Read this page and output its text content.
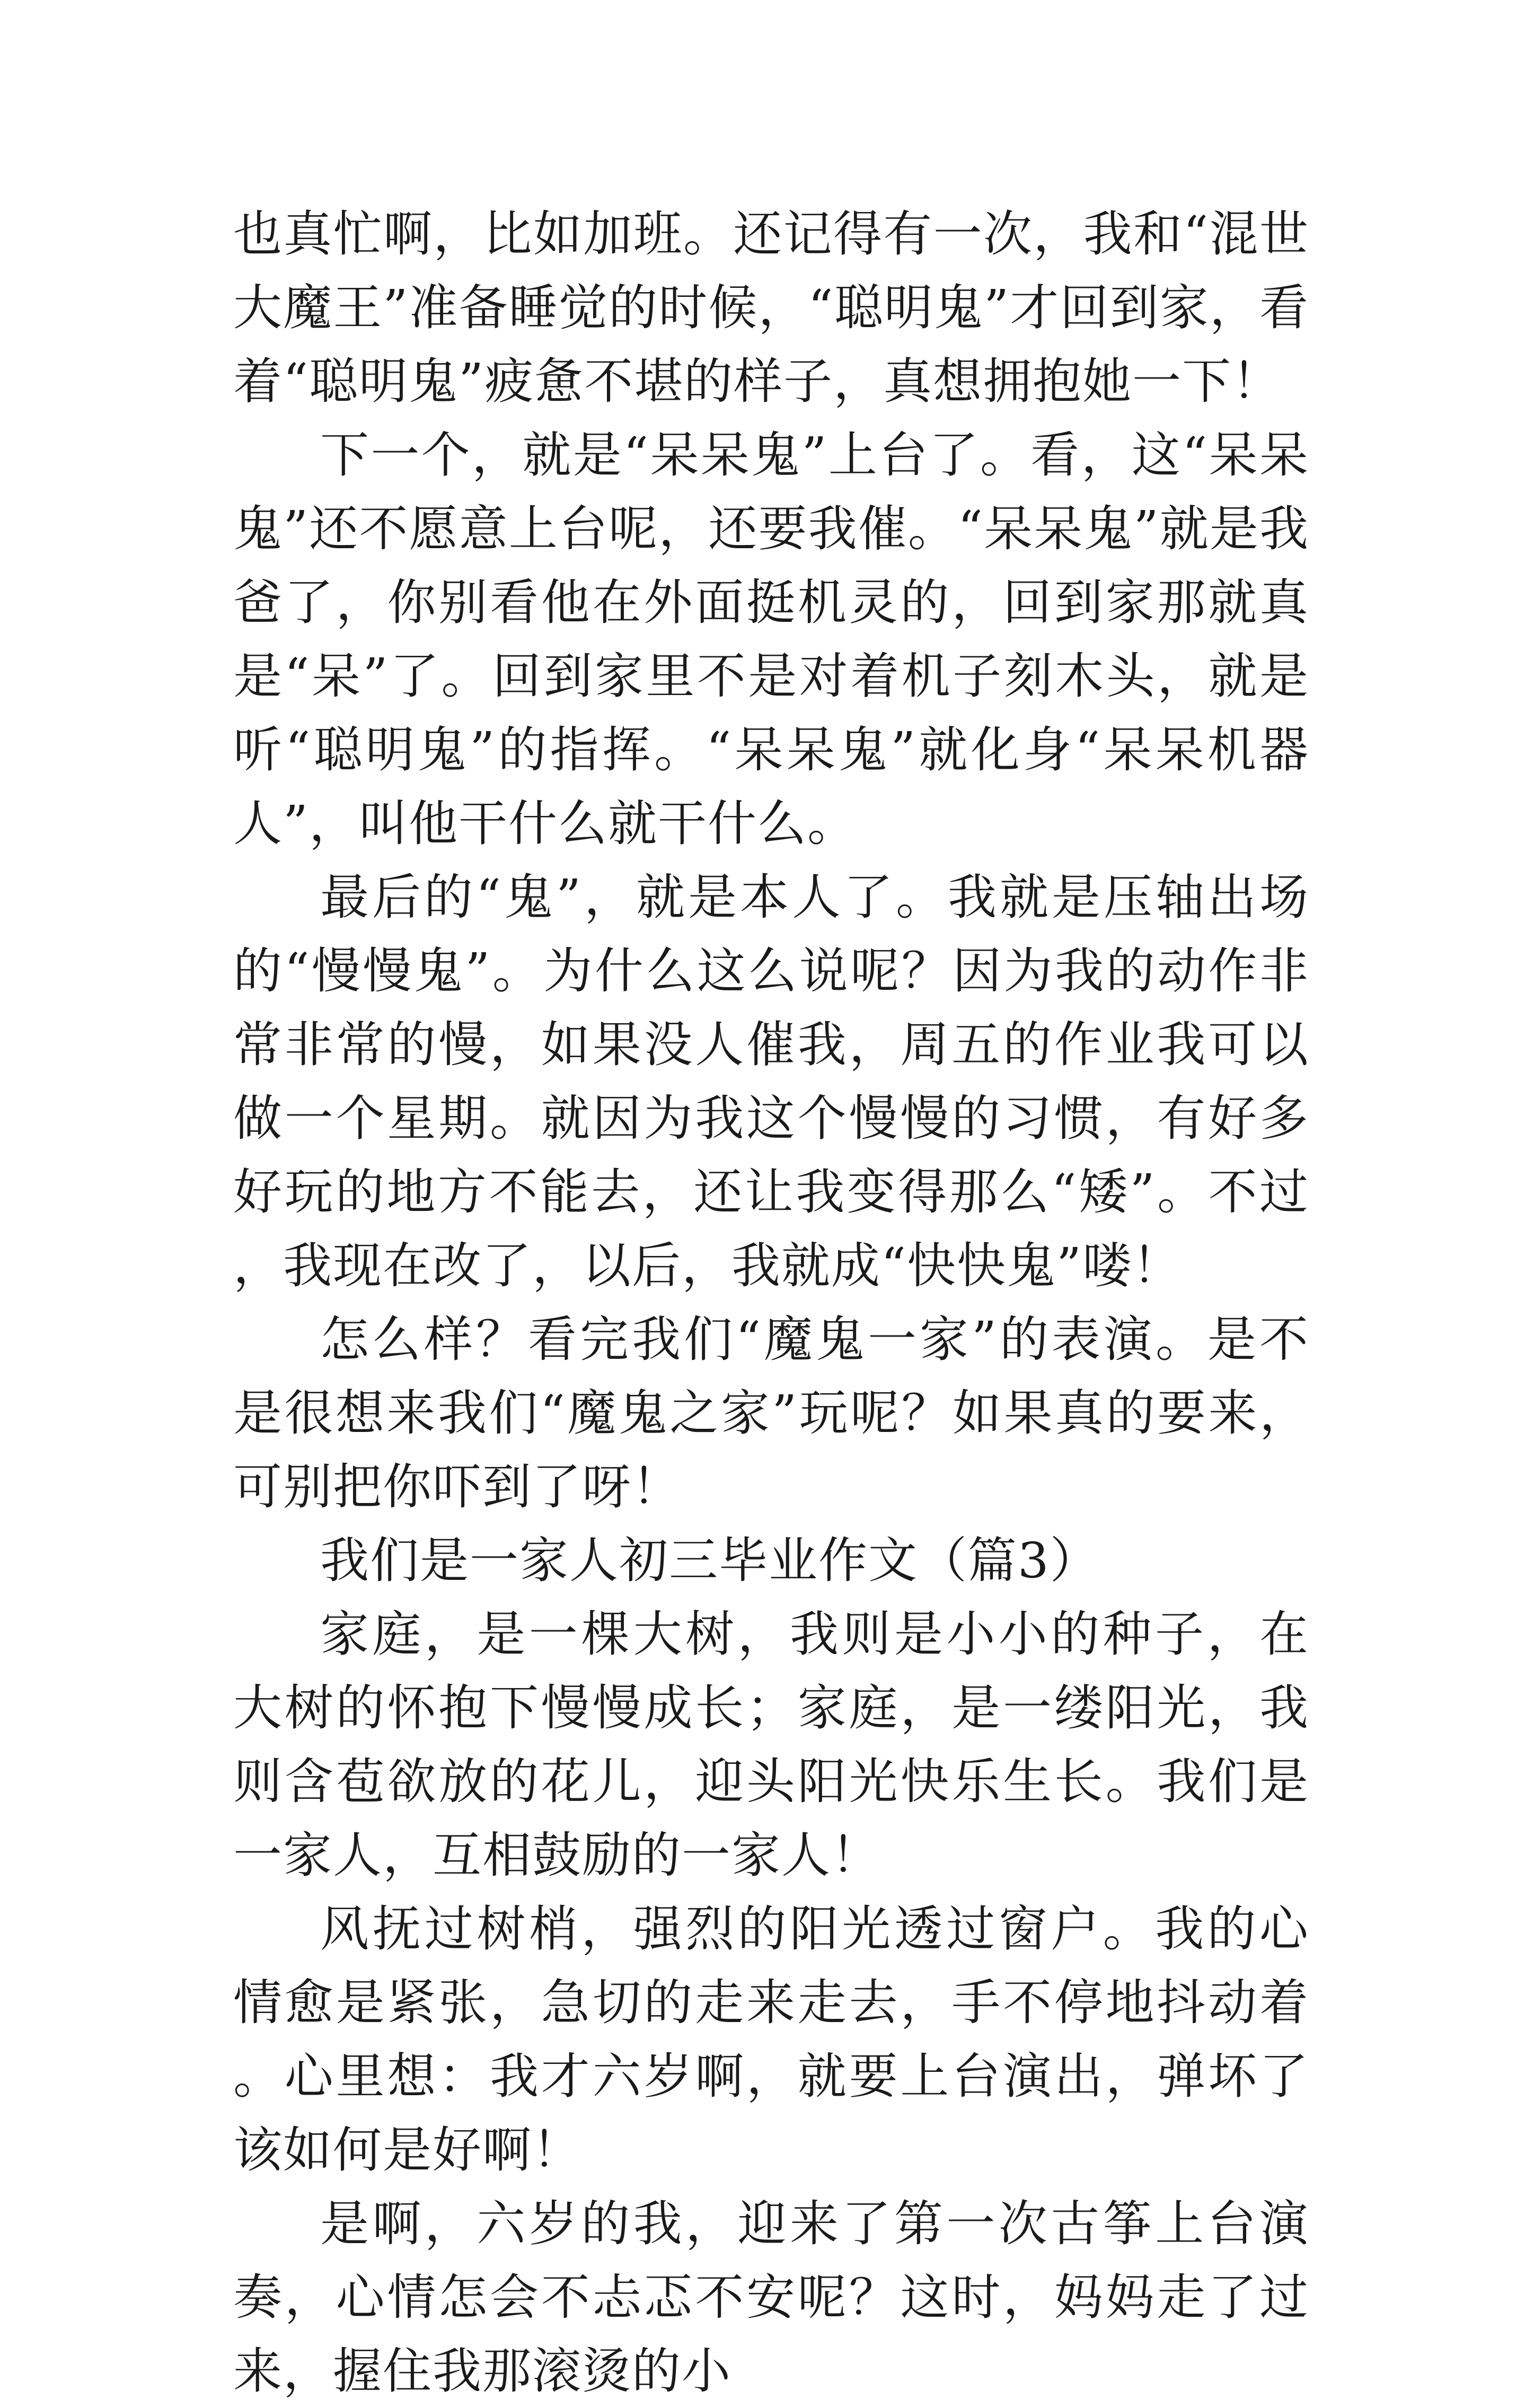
也真忙啊，比如加班。还记得有一次，我和“混世大魔王”准备睡觉的时候，“聪明鬼”才回到家，看着“聪明鬼”疲惫不堪的样子，真想拥抱她一下！

下一个，就是“呆呆鬼”上台了。看，这“呆呆鬼”还不愿意上台呢，还要我催。“呆呆鬼”就是我爸了，你别看他在外面挺机灵的，回到家那就真是“呆”了。回到家里不是对着机子刻木头，就是听“聪明鬼”的指挥。“呆呆鬼”就化身“呆呆机器人”，叫他干什么就干什么。

最后的“鬼”，就是本人了。我就是压轴出场的“慢慢鬼”。为什么这么说呢？因为我的动作非常非常的慢，如果没人催我，周五的作业我可以做一个星期。就因为我这个慢慢的习惯，有好多好玩的地方不能去，还让我变得那么“矮”。不过，我现在改了，以后，我就成“快快鬼”喽！

怎么样？看完我们“魔鬼一家”的表演。是不是很想来我们“魔鬼之家”玩呢？如果真的要来，可别把你吓到了呀！

我们是一家人初三毕业作文（篇3）

家庭，是一棵大树，我则是小小的种子，在大树的怀抱下慢慢成长；家庭，是一缕阳光，我则含苞欲放的花儿，迎头阳光快乐生长。我们是一家人，互相鼓励的一家人！

风抚过树梢，强烈的阳光透过窗户。我的心情愈是紧张，急切的走来走去，手不停地抖动着。心里想：我才六岁啊，就要上台演出，弹坏了该如何是好啊！

是啊，六岁的我，迎来了第一次古筝上台演奏，心情怎会不忐忑不安呢？这时，妈妈走了过来，握住我那滚烫的小
